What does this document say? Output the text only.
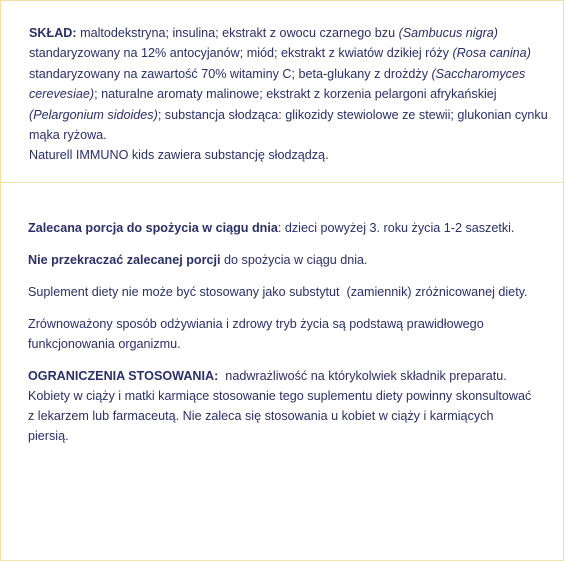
SKŁAD: maltodekstryna; insulina; ekstrakt z owocu czarnego bzu (Sambucus nigra) standaryzowany na 12% antocyjanów; miód; ekstrakt z kwiatów dzikiej róży (Rosa canina) standaryzowany na zawartość 70% witaminy C; beta-glukany z drożdży (Saccharomyces cerevesiae); naturalne aromaty malinowe; ekstrakt z korzenia pelargoni afrykańskiej (Pelargonium sidoides); substancja słodząca: glikozidy stewiolowe ze stewii; glukonian cynku mąka ryżowa.
Naturell IMMUNO kids zawiera substancję słodządzą.

Zalecana porcja do spożycia w ciągu dnia: dzieci powyżej 3. roku życia 1-2 saszetki.

Nie przekraczać zalecanej porcji do spożycia w ciągu dnia.

Suplement diety nie może być stosowany jako substytut  (zamiennik) zróżnicowanej diety.

Zrównoważony sposób odżywiania i zdrowy tryb życia są podstawą prawidłowego funkcjonowania organizmu.

OGRANICZENIA STOSOWANIA:  nadwrażliwość na którykolwiek składnik preparatu. Kobiety w ciąży i matki karmiące stosowanie tego suplementu diety powinny skonsultować z lekarzem lub farmaceutą. Nie zaleca się stosowania u kobiet w ciąży i karmiących piersią.
